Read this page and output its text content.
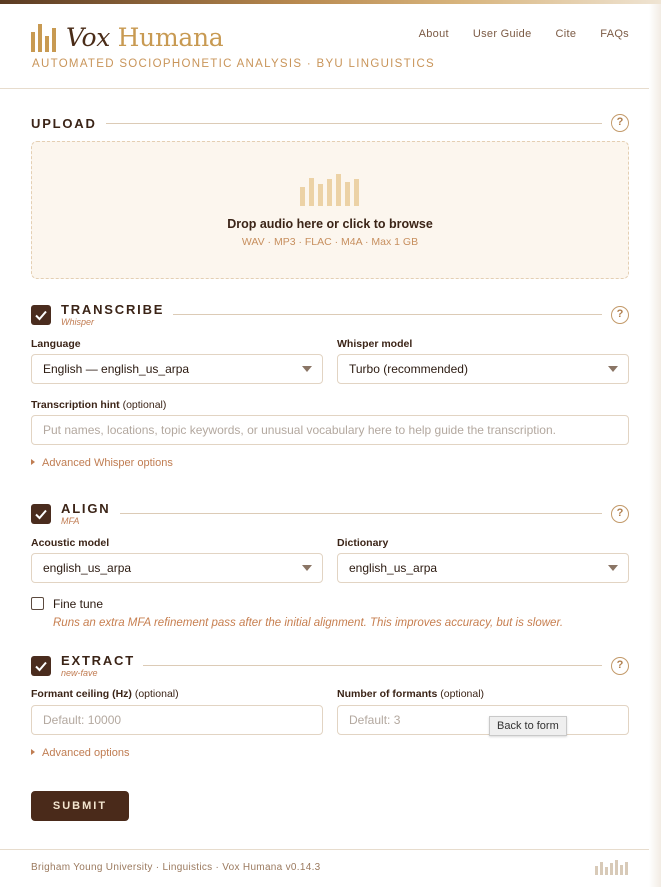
Vox Humana
AUTOMATED SOCIOPHONETIC ANALYSIS · BYU LINGUISTICS
About User Guide Cite FAQs
UPLOAD	?
Drop audio here or click to browse
WAV · MP3 · FLAC · M4A · Max 1 GB
TRANSCRIBE
Whisper
?
Language
English — english_us_arpa
Whisper model
Turbo (recommended)
Transcription hint (optional)
Put names, locations, topic keywords, or unusual vocabulary here to help guide the transcription.
Advanced Whisper options
ALIGN
MFA
?
Acoustic model
english_us_arpa
Dictionary
english_us_arpa
Fine tune
Runs an extra MFA refinement pass after the initial alignment. This improves accuracy, but is slower.
EXTRACT
new-fave
?
Formant ceiling (Hz) (optional)
Default: 10000
Number of formants (optional)
Default: 3	Back to form
Advanced options
SUBMIT
Brigham Young University · Linguistics · Vox Humana v0.14.3
